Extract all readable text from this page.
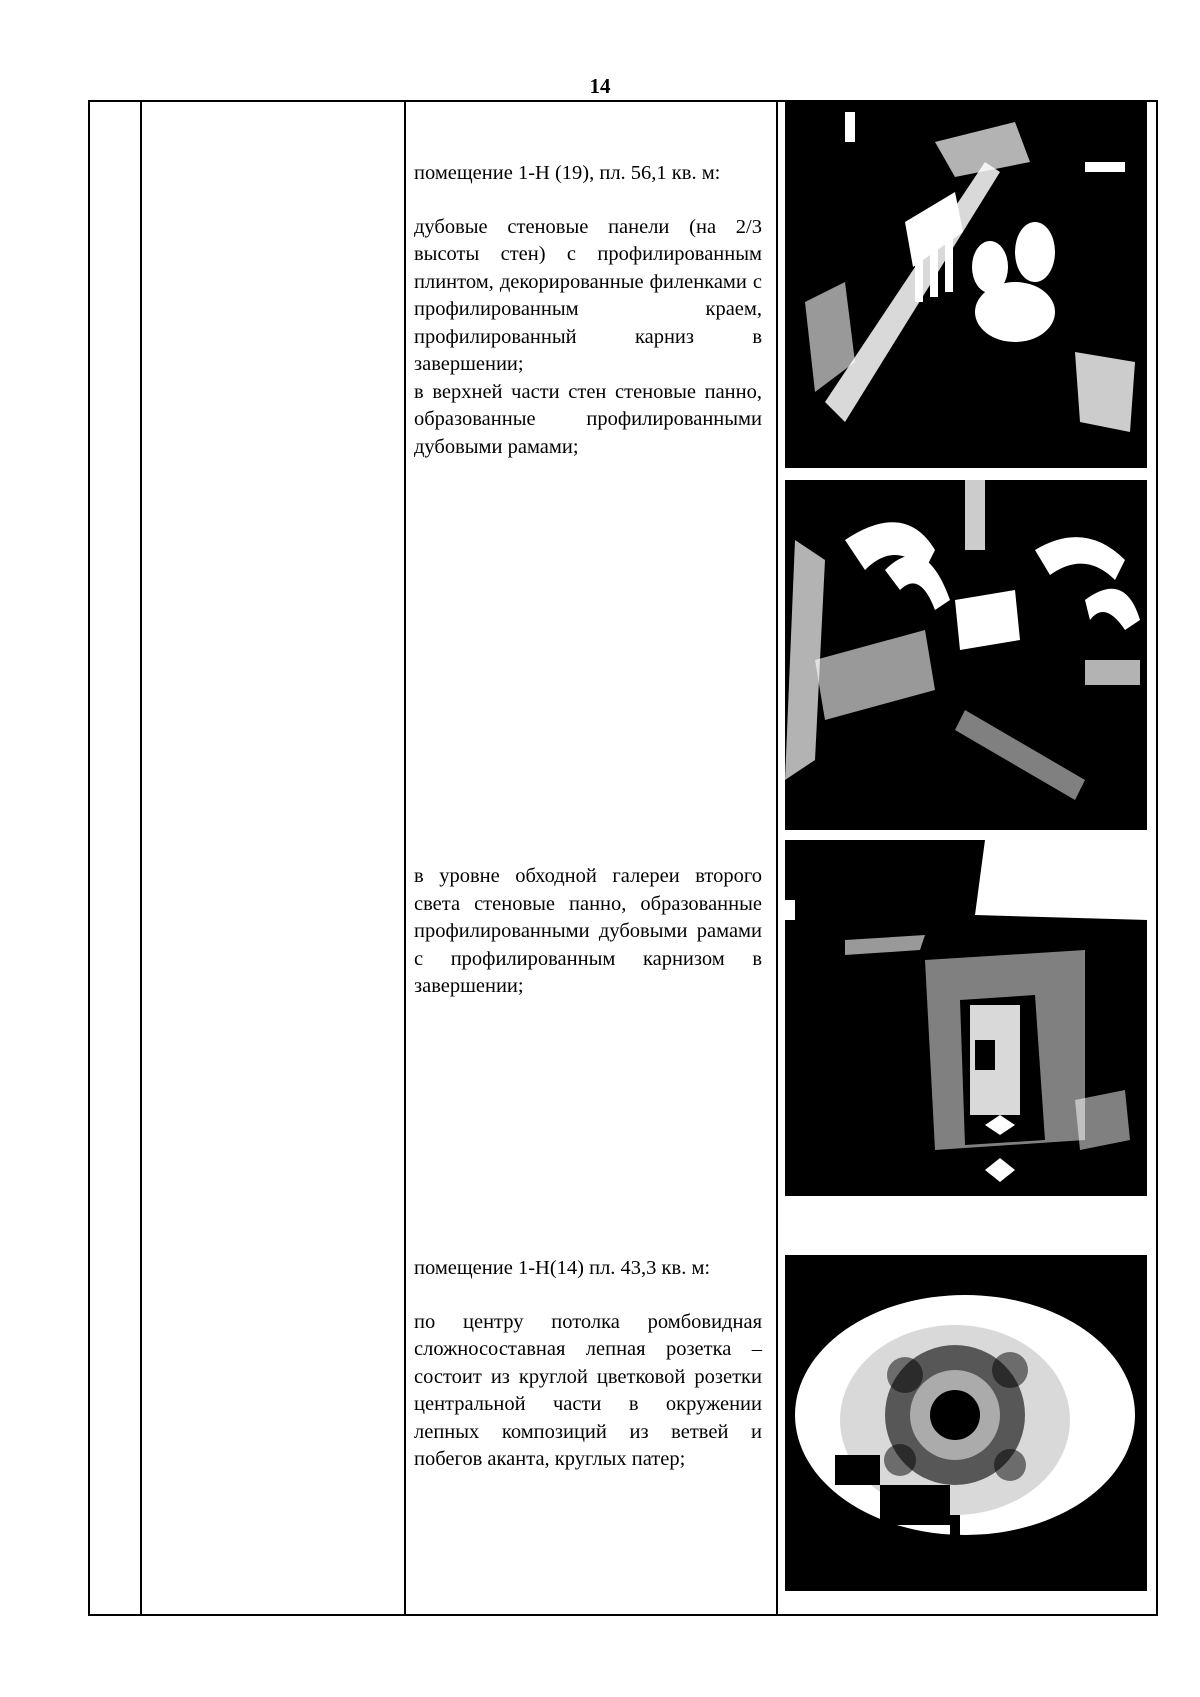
14

помещение 1-Н (19), пл. 56,1 кв. м:

дубовые стеновые панели (на 2/3 высоты стен) с профилированным плинтом, декорированные филенками с профилированным краем, профилированный карниз в завершении;

в верхней части стен стеновые панно, образованные профилированными дубовыми рамами;

в уровне обходной галереи второго света стеновые панно, образованные профилированными дубовыми рамами с профилированным карнизом в завершении;

помещение 1-Н(14) пл. 43,3 кв. м:

по центру потолка ромбовидная сложносоставная лепная розетка – состоит из круглой цветковой розетки центральной части в окружении лепных композиций из ветвей и побегов аканта, круглых патер;
